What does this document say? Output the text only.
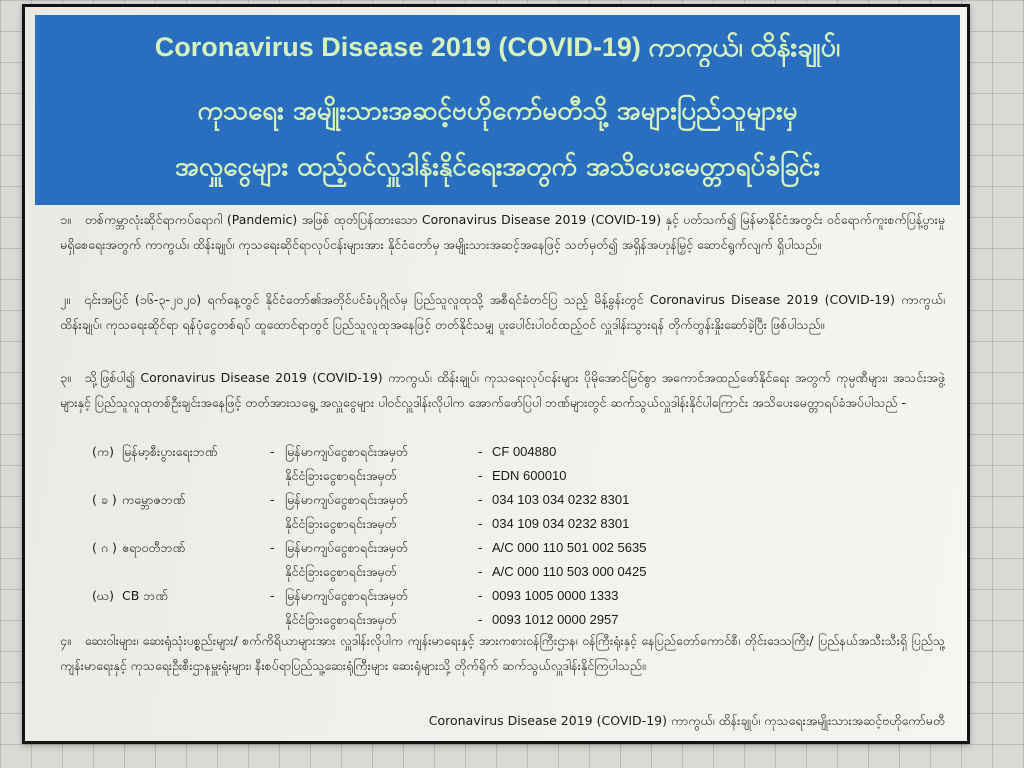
Coronavirus Disease 2019 (COVID-19) ကာကွယ်၊ ထိန်းချုပ်၊
ကုသရေး အမျိုးသားအဆင့်ဗဟိုကော်မတီသို့ အများပြည်သူများမှ
အလှူငွေများ ထည့်ဝင်လှူဒါန်းနိုင်ရေးအတွက် အသိပေးမေတ္တာရပ်ခံခြင်း
၁။ တစ်ကမ္ဘာလုံးဆိုင်ရာကပ်ရောဂါ (Pandemic) အဖြစ် ထုတ်ပြန်ထားသော Coronavirus Disease 2019 (COVID-19) နှင့် ပတ်သက်၍ မြန်မာနိုင်ငံအတွင်း ဝင်ရောက်ကူးစက်ပြန့်ပွားမှု မရှိစေရေးအတွက် ကာကွယ်၊ ထိန်းချုပ်၊ ကုသရေးဆိုင်ရာလုပ်ငန်းများအား နိုင်ငံတော်မှ အမျိုးသားအဆင့်အနေဖြင့် သတ်မှတ်၍ အရှိန်အဟုန်မြှင့် ဆောင်ရွက်လျက် ရှိပါသည်။
၂။ ၎င်းအပြင် (၁၆-၃-၂၀၂၀) ရက်နေ့တွင် နိုင်ငံတော်၏အတိုင်ပင်ခံပုဂ္ဂိုလ်မှ ပြည်သူလူထုသို့ အစီရင်ခံတင်ပြ သည့် မိန့်ခွန်းတွင် Coronavirus Disease 2019 (COVID-19) ကာကွယ်၊ ထိန်းချုပ်၊ ကုသရေးဆိုင်ရာ ရန်ပုံငွေတစ်ရပ် ထူထောင်ရာတွင် ပြည်သူလူထုအနေဖြင့် တတ်နိုင်သမျှ ပူးပေါင်းပါဝင်ထည့်ဝင် လှူဒါန်းသွားရန် တိုက်တွန်းနှိုးဆော်ခဲ့ပြီး ဖြစ်ပါသည်။
၃။ သို့ဖြစ်ပါ၍ Coronavirus Disease 2019 (COVID-19) ကာကွယ်၊ ထိန်းချုပ်၊ ကုသရေးလုပ်ငန်းများ ပိုမိုအောင်မြင်စွာ အကောင်အထည်ဖော်နိုင်ရေး အတွက် ကုမ္ပဏီများ၊ အသင်းအဖွဲ့များနှင့် ပြည်သူလူထုတစ်ဦးချင်းအနေဖြင့် တတ်အားသရွေ့ အလှူငွေများ ပါဝင်လှူဒါန်းလိုပါက အောက်ဖော်ပြပါ ဘဏ်များတွင် ဆက်သွယ်လှူဒါန်းနိုင်ပါကြောင်း အသိပေးမေတ္တာရပ်ခံအပ်ပါသည် -
(က) မြန်မာ့စီးပွားရေးဘဏ်	- မြန်မာကျပ်ငွေစာရင်းအမှတ်	- CF 004880
နိုင်ငံခြားငွေစာရင်းအမှတ်	- EDN 600010
( ခ ) ကမ္ဘောဇဘဏ်	- မြန်မာကျပ်ငွေစာရင်းအမှတ်	- 034 103 034 0232 8301
နိုင်ငံခြားငွေစာရင်းအမှတ်	- 034 109 034 0232 8301
( ဂ ) ဧရာဝတီဘဏ်	- မြန်မာကျပ်ငွေစာရင်းအမှတ်	- A/C 000 110 501 002 5635
နိုင်ငံခြားငွေစာရင်းအမှတ်	- A/C 000 110 503 000 0425
(ဃ) CB ဘဏ်	- မြန်မာကျပ်ငွေစာရင်းအမှတ်	- 0093 1005 0000 1333
နိုင်ငံခြားငွေစာရင်းအမှတ်	- 0093 1012 0000 2957
၄။ ဆေးဝါးများ၊ ဆေးရုံသုံးပစ္စည်းများ/ စက်ကိရိယာများအား လှူဒါန်းလိုပါက ကျန်းမာရေးနှင့် အားကစားဝန်ကြီးဌာန၊ ဝန်ကြီးရုံးနှင့် နေပြည်တော်ကောင်စီ၊ တိုင်းဒေသကြီး/ ပြည်နယ်အသီးသီးရှိ ပြည်သူ့ကျန်းမာရေးနှင့် ကုသရေးဦးစီးဌာနမှူးရုံးများ၊ နီးစပ်ရာပြည်သူ့ဆေးရုံကြီးများ ဆေးရုံများသို့ တိုက်ရိုက် ဆက်သွယ်လှူဒါန်းနိုင်ကြပါသည်။
Coronavirus Disease 2019 (COVID-19) ကာကွယ်၊ ထိန်းချုပ်၊ ကုသရေးအမျိုးသားအဆင့်ဗဟိုကော်မတီ
